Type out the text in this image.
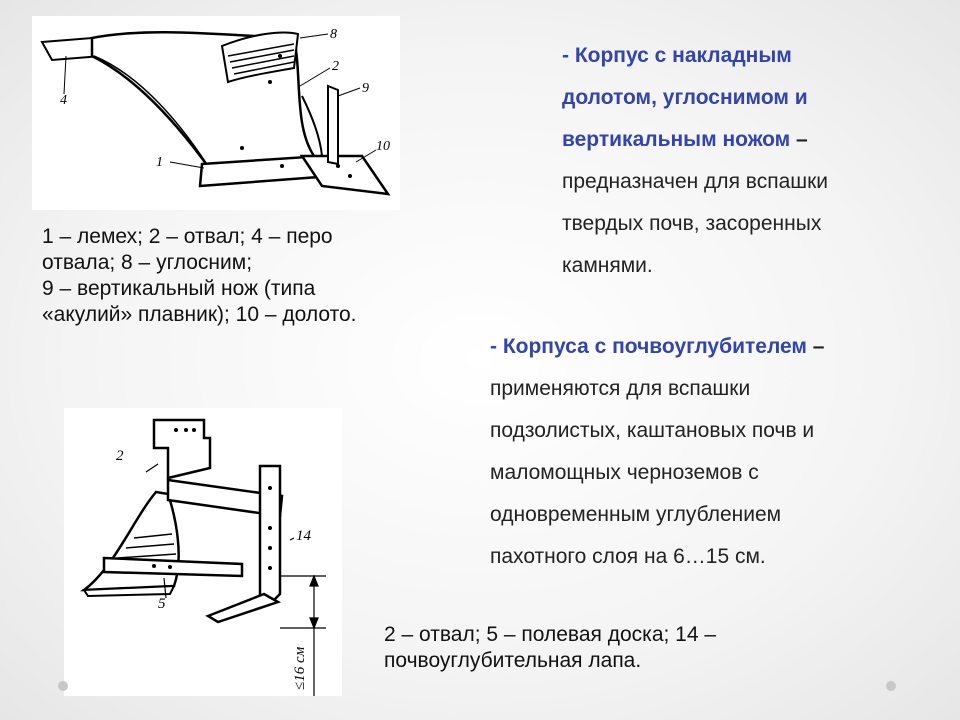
8
2
9
10
4
1
1 – лемех; 2 – отвал; 4 – перо
отвала; 8 – углосним;
9 – вертикальный нож (типа
«акулий» плавник); 10 – долото.
- Корпус с накладным
долотом, углоснимом и
вертикальным ножом –
предназначен для вспашки
твердых почв, засоренных
камнями.
- Корпуса с почвоуглубителем –
применяются для вспашки
подзолистых, каштановых почв и
маломощных черноземов с
одновременным углублением
пахотного слоя на 6…15 см.
2
14
5
≤16 см
2 – отвал; 5 – полевая доска; 14 –
почвоуглубительная лапа.
